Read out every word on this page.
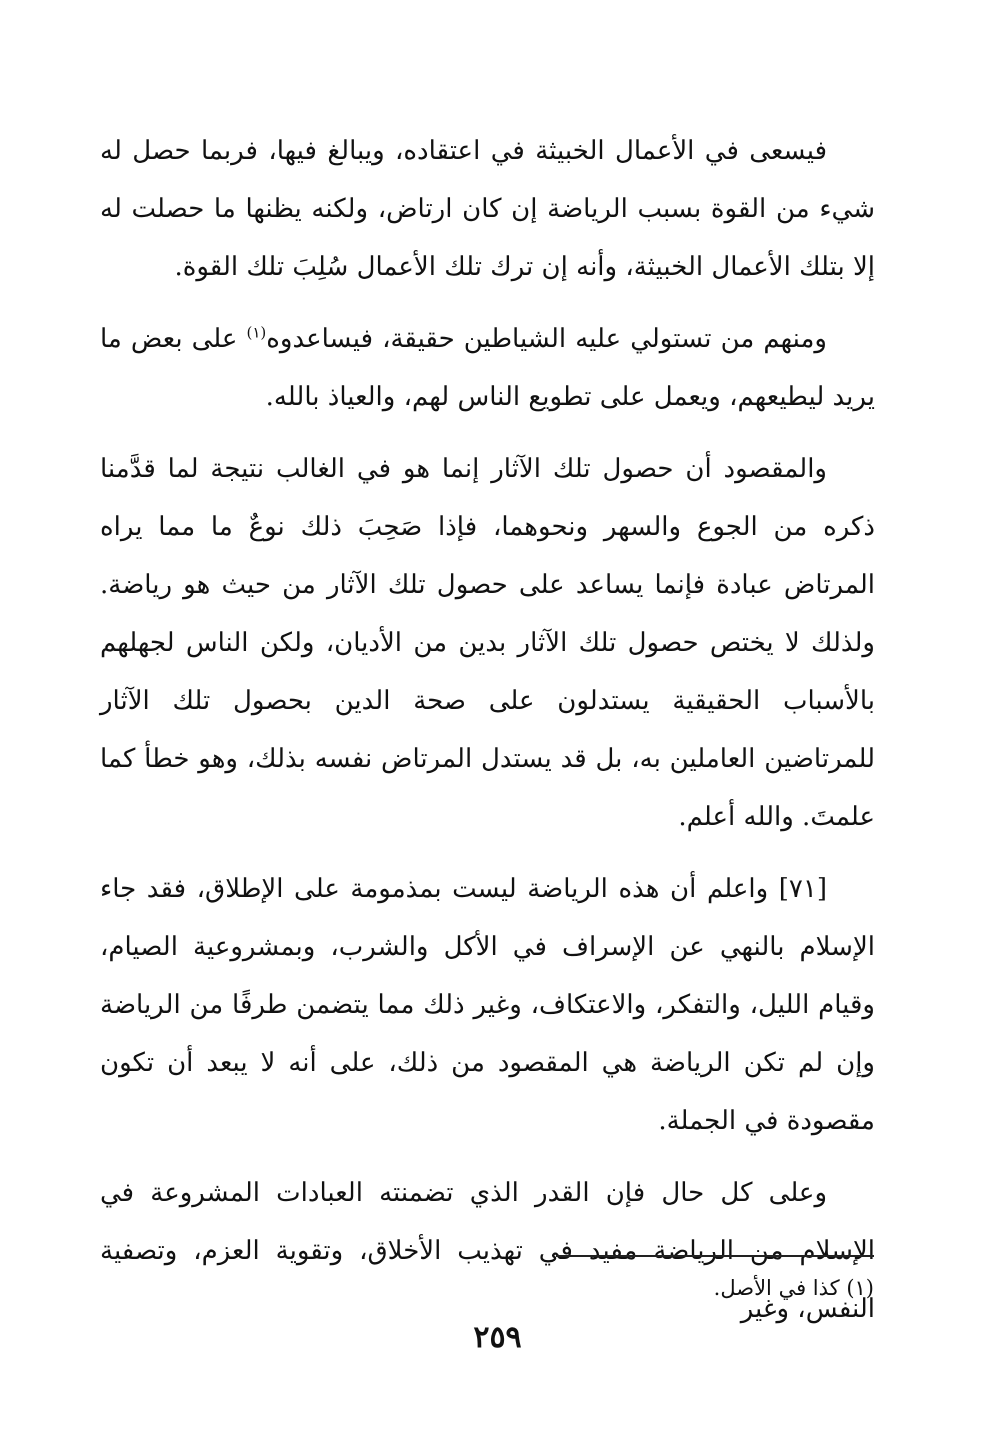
فيسعى في الأعمال الخبيثة في اعتقاده، ويبالغ فيها، فربما حصل له شيء من القوة بسبب الرياضة إن كان ارتاض، ولكنه يظنها ما حصلت له إلا بتلك الأعمال الخبيثة، وأنه إن ترك تلك الأعمال سُلِبَ تلك القوة.

ومنهم من تستولي عليه الشياطين حقيقة، فيساعدوه$^{(١)}$ على بعض ما يريد ليطيعهم، ويعمل على تطويع الناس لهم، والعياذ بالله.

والمقصود أن حصول تلك الآثار إنما هو في الغالب نتيجة لما قدَّمنا ذكره من الجوع والسهر ونحوهما، فإذا صَحِبَ ذلك نوعٌ ما مما يراه المرتاض عبادة فإنما يساعد على حصول تلك الآثار من حيث هو رياضة. ولذلك لا يختص حصول تلك الآثار بدين من الأديان، ولكن الناس لجهلهم بالأسباب الحقيقية يستدلون على صحة الدين بحصول تلك الآثار للمرتاضين العاملين به، بل قد يستدل المرتاض نفسه بذلك، وهو خطأ كما علمتَ. والله أعلم.

[٧١] واعلم أن هذه الرياضة ليست بمذمومة على الإطلاق، فقد جاء الإسلام بالنهي عن الإسراف في الأكل والشرب، وبمشروعية الصيام، وقيام الليل، والتفكر، والاعتكاف، وغير ذلك مما يتضمن طرفًا من الرياضة وإن لم تكن الرياضة هي المقصود من ذلك، على أنه لا يبعد أن تكون مقصودة في الجملة.

وعلى كل حال فإن القدر الذي تضمنته العبادات المشروعة في الإسلام من الرياضة مفيد في تهذيب الأخلاق، وتقوية العزم، وتصفية النفس، وغير

(١) كذا في الأصل.
٢٥٩
